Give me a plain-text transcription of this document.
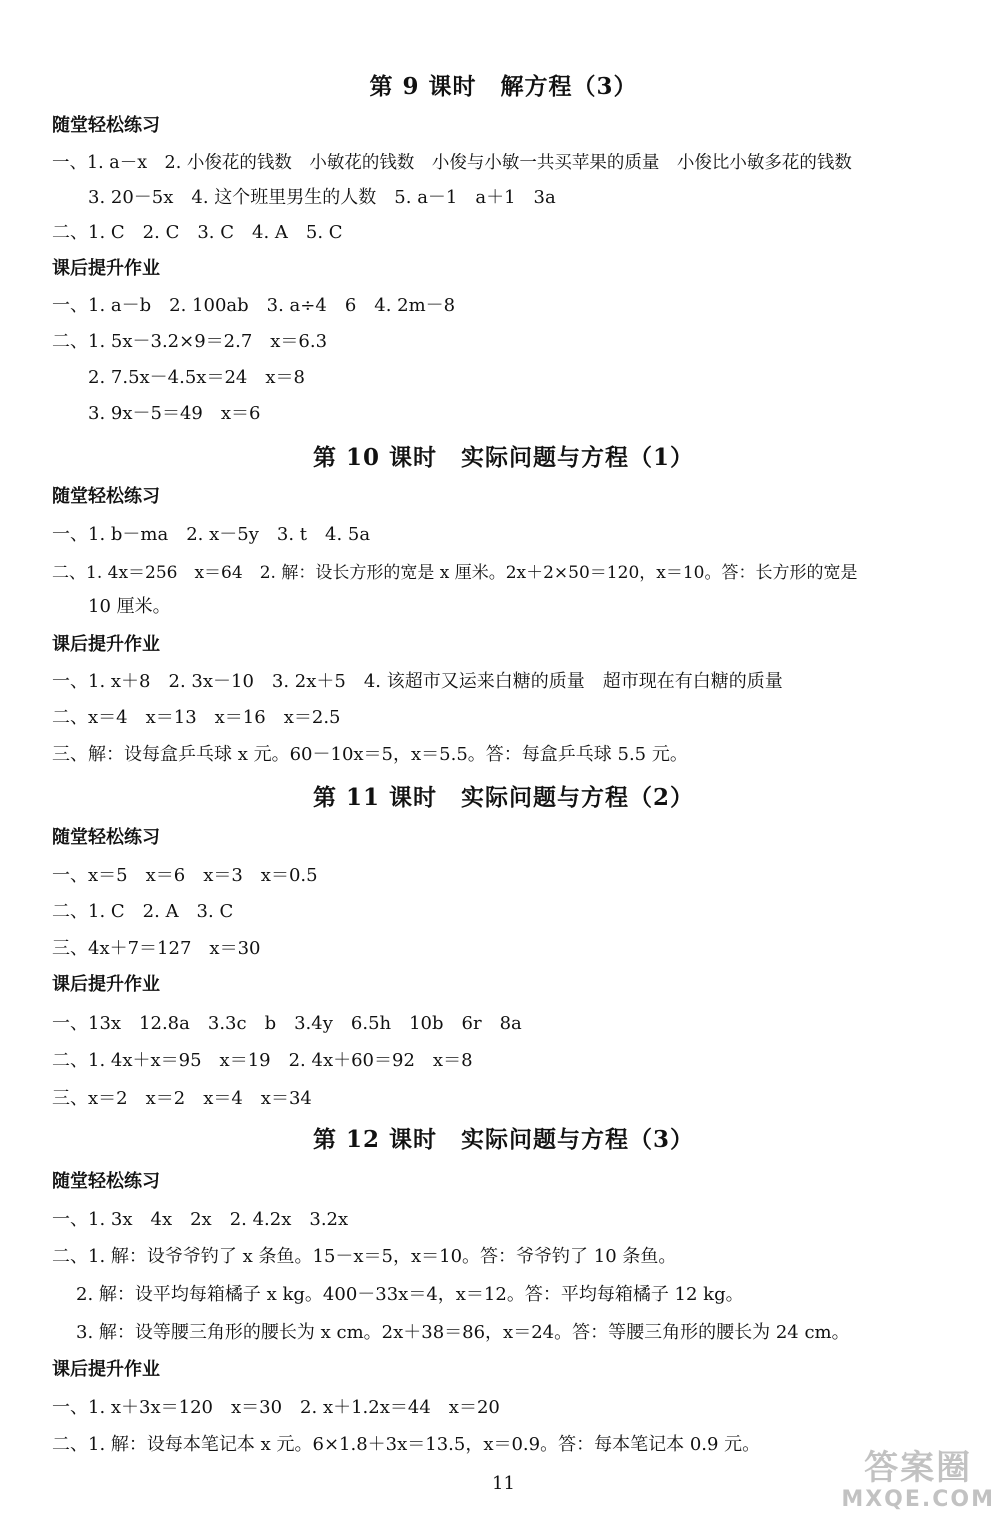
第 9 课时　解方程（3）
随堂轻松练习
一、1. a－x　2. 小俊花的钱数　小敏花的钱数　小俊与小敏一共买苹果的质量　小俊比小敏多花的钱数
3. 20－5x　4. 这个班里男生的人数　5. a－1　a＋1　3a
二、1. C　2. C　3. C　4. A　5. C
课后提升作业
一、1. a－b　2. 100ab　3. a÷4　6　4. 2m－8
二、1. 5x－3.2×9＝2.7　x＝6.3
2. 7.5x－4.5x＝24　x＝8
3. 9x－5＝49　x＝6
第 10 课时　实际问题与方程（1）
随堂轻松练习
一、1. b－ma　2. x－5y　3. t　4. 5a
二、1. 4x＝256　x＝64　2. 解：设长方形的宽是 x 厘米。2x＋2×50＝120，x＝10。答：长方形的宽是
10 厘米。
课后提升作业
一、1. x＋8　2. 3x－10　3. 2x＋5　4. 该超市又运来白糖的质量　超市现在有白糖的质量
二、x＝4　x＝13　x＝16　x＝2.5
三、解：设每盒乒乓球 x 元。60－10x＝5，x＝5.5。答：每盒乒乓球 5.5 元。
第 11 课时　实际问题与方程（2）
随堂轻松练习
一、x＝5　x＝6　x＝3　x＝0.5
二、1. C　2. A　3. C
三、4x＋7＝127　x＝30
课后提升作业
一、13x　12.8a　3.3c　b　3.4y　6.5h　10b　6r　8a
二、1. 4x＋x＝95　x＝19　2. 4x＋60＝92　x＝8
三、x＝2　x＝2　x＝4　x＝34
第 12 课时　实际问题与方程（3）
随堂轻松练习
一、1. 3x　4x　2x　2. 4.2x　3.2x
二、1. 解：设爷爷钓了 x 条鱼。15－x＝5，x＝10。答：爷爷钓了 10 条鱼。
2. 解：设平均每箱橘子 x kg。400－33x＝4，x＝12。答：平均每箱橘子 12 kg。
3. 解：设等腰三角形的腰长为 x cm。2x＋38＝86，x＝24。答：等腰三角形的腰长为 24 cm。
课后提升作业
一、1. x＋3x＝120　x＝30　2. x＋1.2x＝44　x＝20
二、1. 解：设每本笔记本 x 元。6×1.8＋3x＝13.5，x＝0.9。答：每本笔记本 0.9 元。
11	答案圈
MXQE.COM
